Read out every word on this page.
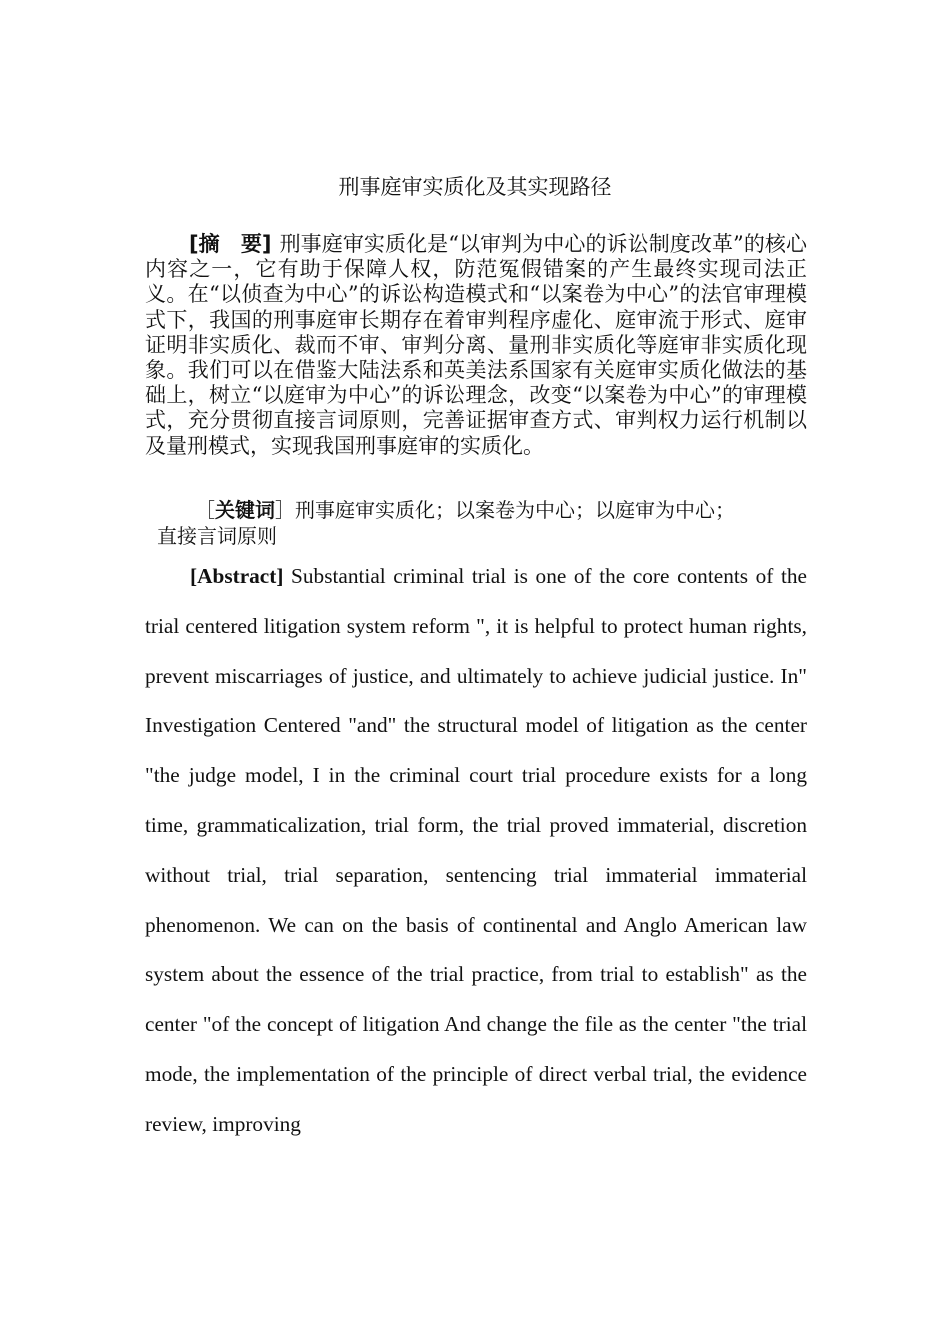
刑事庭审实质化及其实现路径
[摘　要] 刑事庭审实质化是“以审判为中心的诉讼制度改革”的核心内容之一，它有助于保障人权，防范冤假错案的产生最终实现司法正义。在“以侦查为中心”的诉讼构造模式和“以案卷为中心”的法官审理模式下，我国的刑事庭审长期存在着审判程序虚化、庭审流于形式、庭审证明非实质化、裁而不审、审判分离、量刑非实质化等庭审非实质化现象。我们可以在借鉴大陆法系和英美法系国家有关庭审实质化做法的基础上，树立“以庭审为中心”的诉讼理念，改变“以案卷为中心”的审理模式，充分贯彻直接言词原则，完善证据审查方式、审判权力运行机制以及量刑模式，实现我国刑事庭审的实质化。
［关键词］刑事庭审实质化；以案卷为中心；以庭审为中心；
直接言词原则
[Abstract] Substantial criminal trial is one of the core contents of the trial centered litigation system reform ", it is helpful to protect human rights, prevent miscarriages of justice, and ultimately to achieve judicial justice. In" Investigation Centered "and" the structural model of litigation as the center "the judge model, I in the criminal court trial procedure exists for a long time, grammaticalization, trial form, the trial proved immaterial, discretion without trial, trial separation, sentencing trial immaterial immaterial phenomenon. We can on the basis of continental and Anglo American law system about the essence of the trial practice, from trial to establish" as the center "of the concept of litigation And change the file as the center "the trial mode, the implementation of the principle of direct verbal trial, the evidence review, improving
